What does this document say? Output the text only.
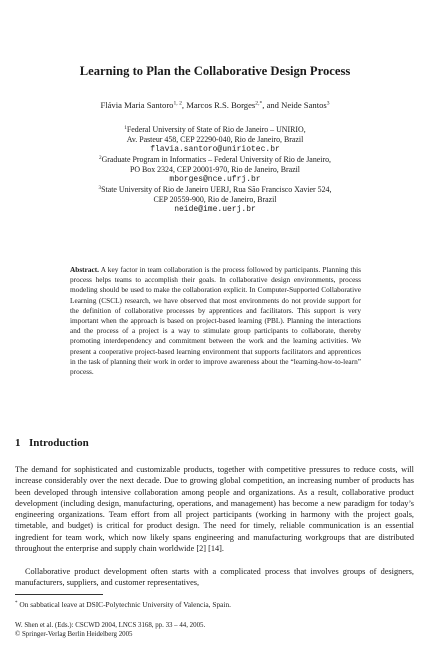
Learning to Plan the Collaborative Design Process
Flávia Maria Santoro$^{1, 2}$, Marcos R.S. Borges$^{2,*}$, and Neide Santos$^3$
$^1$Federal University of State of Rio de Janeiro – UNIRIO,
Av. Pasteur 458, CEP 22290-040, Rio de Janeiro, Brazil
flavia.santoro@uniriotec.br
$^2$Graduate Program in Informatics – Federal University of Rio de Janeiro,
PO Box 2324, CEP 20001-970, Rio de Janeiro, Brazil
mborges@nce.ufrj.br
$^3$State University of Rio de Janeiro UERJ, Rua São Francisco Xavier 524,
CEP 20559-900, Rio de Janeiro, Brazil
neide@ime.uerj.br
Abstract. A key factor in team collaboration is the process followed by participants. Planning this process helps teams to accomplish their goals. In collaborative design environments, process modeling should be used to make the collaboration explicit. In Computer-Supported Collaborative Learning (CSCL) research, we have observed that most environments do not provide support for the definition of collaborative processes by apprentices and facilitators. This support is very important when the approach is based on project-based learning (PBL). Planning the interactions and the process of a project is a way to stimulate group participants to collaborate, thereby promoting interdependency and commitment between the work and the learning activities. We present a cooperative project-based learning environment that supports facilitators and apprentices in the task of planning their work in order to improve awareness about the “learning-how-to-learn” process.
1 Introduction
The demand for sophisticated and customizable products, together with competitive pressures to reduce costs, will increase considerably over the next decade. Due to growing global competition, an increasing number of products has been developed through intensive collaboration among people and organizations. As a result, collaborative product development (including design, manufacturing, operations, and management) has become a new paradigm for today’s engineering organizations. Team effort from all project participants (working in harmony with the project goals, timetable, and budget) is critical for product design. The need for timely, reliable communication is an essential ingredient for team work, which now likely spans engineering and manufacturing workgroups that are distributed throughout the enterprise and supply chain worldwide [2] [14].
Collaborative product development often starts with a complicated process that involves groups of designers, manufacturers, suppliers, and customer representatives,
* On sabbatical leave at DSIC-Polytechnic University of Valencia, Spain.
W. Shen et al. (Eds.): CSCWD 2004, LNCS 3168, pp. 33 – 44, 2005.
© Springer-Verlag Berlin Heidelberg 2005
